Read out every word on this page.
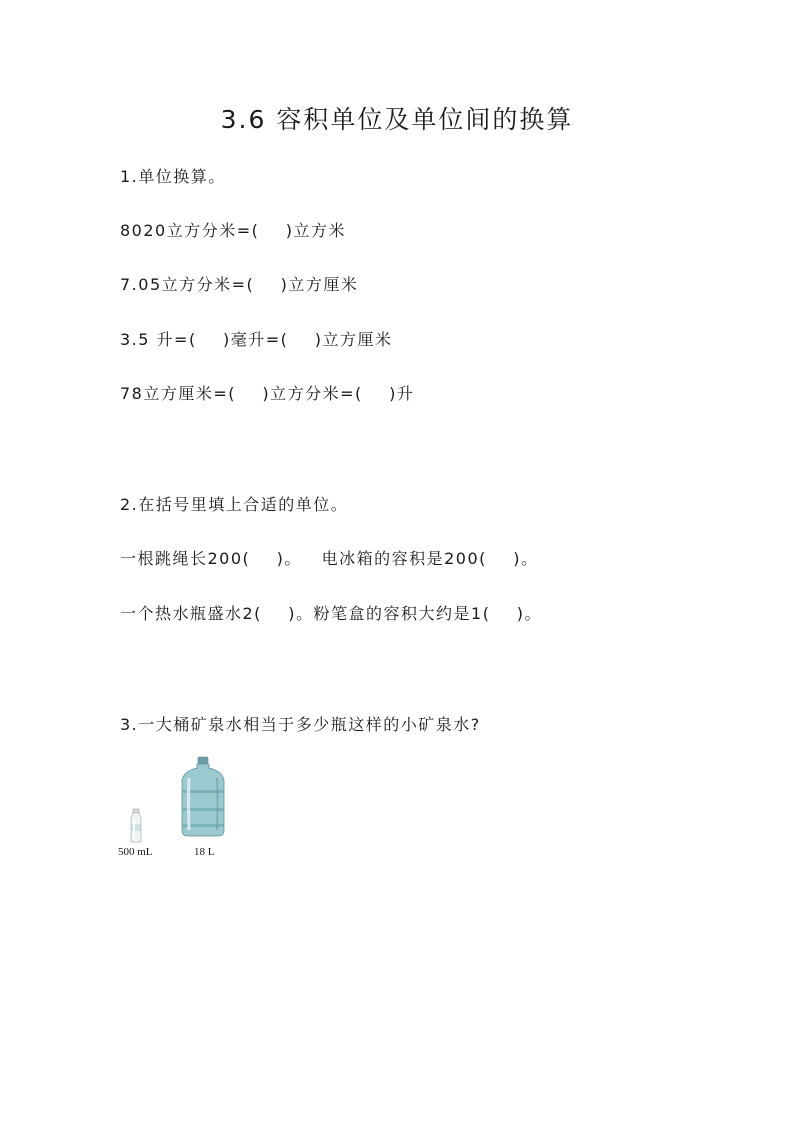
3.6 容积单位及单位间的换算
1.单位换算。
8020立方分米=(    )立方米
7.05立方分米=(    )立方厘米
3.5 升=(    )毫升=(    )立方厘米
78立方厘米=(    )立方分米=(    )升
2.在括号里填上合适的单位。
一根跳绳长200(    )。   电冰箱的容积是200(    )。
一个热水瓶盛水2(    )。粉笔盒的容积大约是1(    )。
3.一大桶矿泉水相当于多少瓶这样的小矿泉水?
500 mL	18 L
